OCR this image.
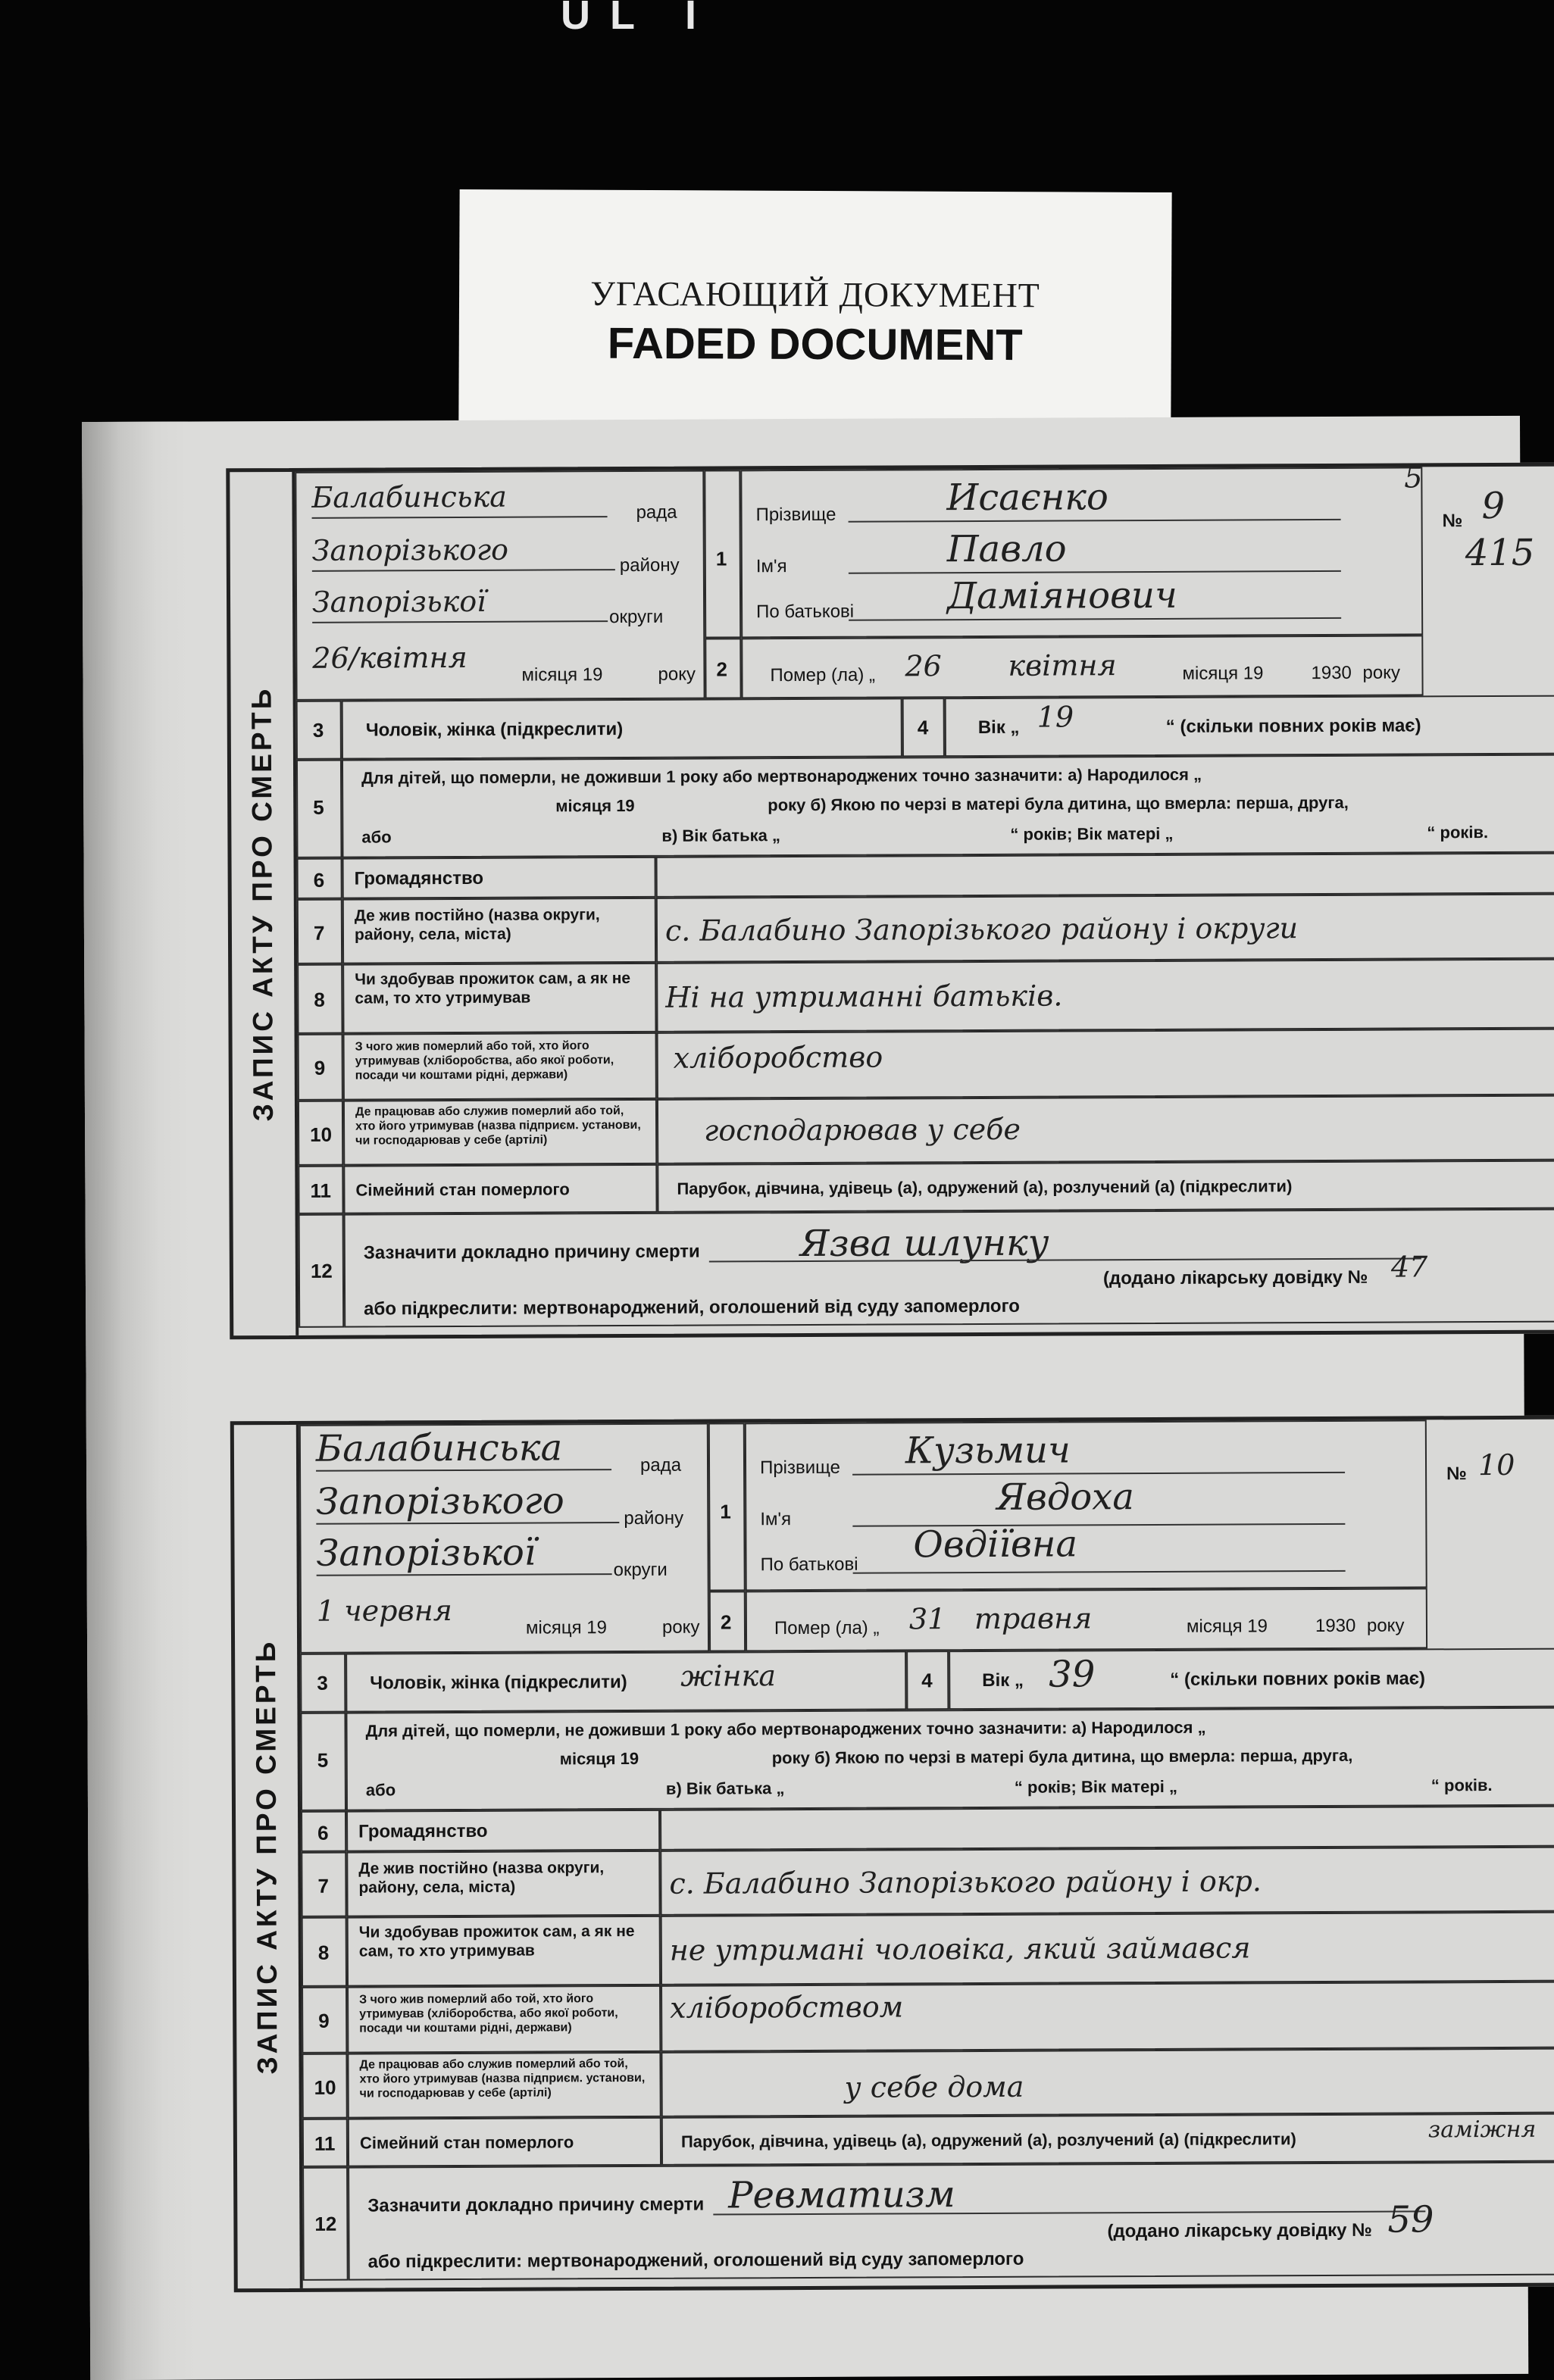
UL I
УГАСАЮЩИЙ ДОКУМЕНТ
FADED DOCUMENT
ЗАПИС АКТУ ПРО СМЕРТЬ
Балабинська	рада
Запорізького	району
Запорізької	округи
26/квітня
місяця 19	року
1
Прізвище	Исаєнко
Ім'я	Павло
По батькові	Даміянович
5
№ 9
415
2 Помер (ла) „ 26 квітня	місяця 19	1930 року
3 Чоловік, жінка (підкреслити)	4	Вік „ 19	“ (скільки повних років має)
5
Для дітей, що померли, не доживши 1 року або мертвонароджених точно зазначити: а) Народилося „
місяця 19	року б) Якою по черзі в матері була дитина, що вмерла: перша, друга,
або	в) Вік батька „	“ років; Вік матері „	“ років.
6 Громадянство
7
Де жив постійно (назва округи, району, села, міста)	с. Балабино Запорізького району і округи
8
Чи здобував прожиток сам, а як не сам, то хто утримував	Ні на утриманні батьків.
9
З чого жив померлий або той, хто його утримував (хліборобства, або якої роботи, посади чи коштами рідні, держави)
хліборобство
10
Де працював або служив померлий або той, хто його утримував (назва підприєм. установи, чи господарював у себе (артілі)	господарював у себе
11 Сімейний стан померлого	Парубок, дівчина, удівець (а), одружений (а), розлучений (а) (підкреслити)
12
Зазначити докладно причину смерти	Язва шлунку
(додано лікарську довідку № 47
або підкреслити: мертвонароджений, оголошений від суду запомерлого
ЗАПИС АКТУ ПРО СМЕРТЬ
Балабинська	рада
Запорізького	району
Запорізької	округи
1 червня
місяця 19	року
1
Прізвище Кузьмич
Ім'я
Явдоха
По батькові Овдіївна
№ 10
2 Помер (ла) „ 31 травня	місяця 19	1930 року
3 Чоловік, жінка (підкреслити) жінка	4	Вік „ 39	“ (скільки повних років має)
5
Для дітей, що померли, не доживши 1 року або мертвонароджених точно зазначити: а) Народилося „
місяця 19	року б) Якою по черзі в матері була дитина, що вмерла: перша, друга,
або	в) Вік батька „	“ років; Вік матері „	“ років.
6 Громадянство
7
Де жив постійно (назва округи, району, села, міста)	с. Балабино Запорізького району і окр.
8
Чи здобував прожиток сам, а як не сам, то хто утримував	не утримані чоловіка, який займався
9
З чого жив померлий або той, хто його утримував (хліборобства, або якої роботи, посади чи коштами рідні, держави)
хліборобством
10
Де працював або служив померлий або той, хто його утримував (назва підприєм. установи, чи господарював у себе (артілі)	у себе дома
11 Сімейний стан померлого	Парубок, дівчина, удівець (а), одружений (а), розлучений (а) (підкреслити)	заміжня
12
Зазначити докладно причину смерти Ревматизм
(додано лікарську довідку № 59
або підкреслити: мертвонароджений, оголошений від суду запомерлого
